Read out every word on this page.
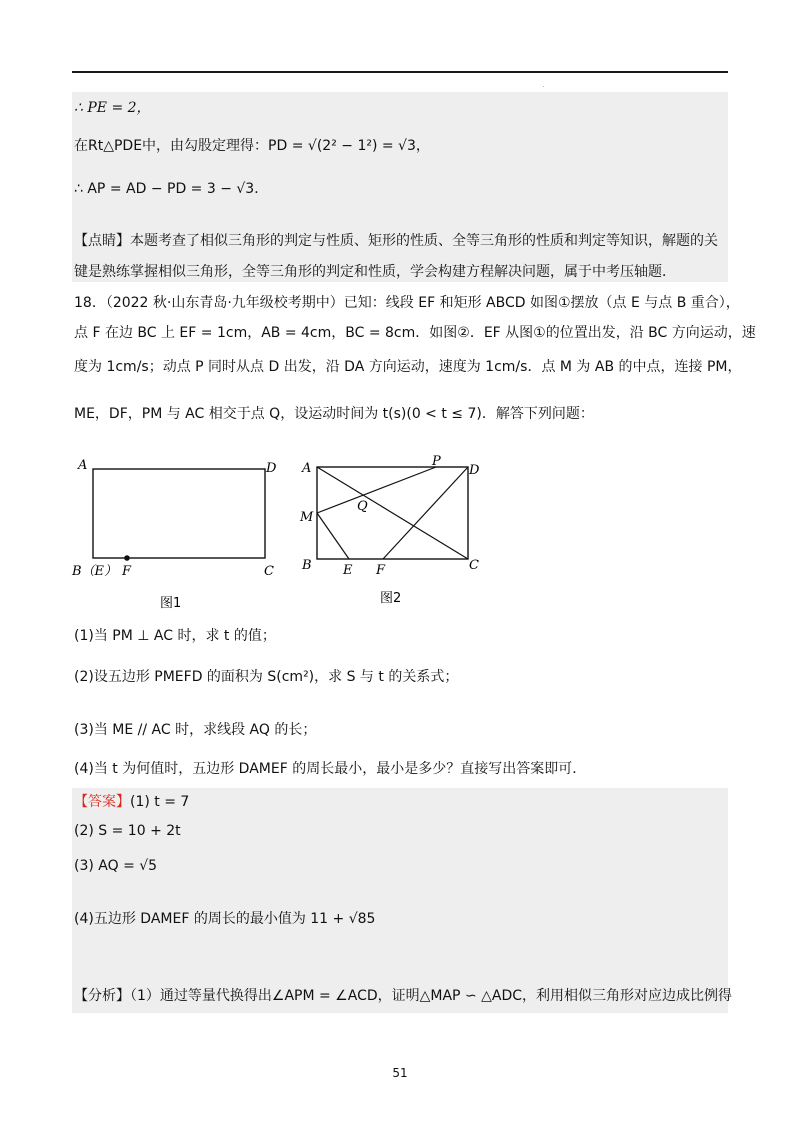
.
∴ PE = 2，
在Rt△PDE中，由勾股定理得：PD = √(2² − 1²) = √3，
∴ AP = AD − PD = 3 − √3．
【点睛】本题考查了相似三角形的判定与性质、矩形的性质、全等三角形的性质和判定等知识，解题的关
键是熟练掌握相似三角形，全等三角形的判定和性质，学会构建方程解决问题，属于中考压轴题．
18．（2022 秋·山东青岛·九年级校考期中）已知：线段 EF 和矩形 ABCD 如图①摆放（点 E 与点 B 重合），
点 F 在边 BC 上 EF = 1cm，AB = 4cm，BC = 8cm．如图②．EF 从图①的位置出发，沿 BC 方向运动，速
度为 1cm/s；动点 P 同时从点 D 出发，沿 DA 方向运动，速度为 1cm/s．点 M 为 AB 的中点，连接 PM，
ME，DF，PM 与 AC 相交于点 Q，设运动时间为 t(s)(0 < t ≤ 7)．解答下列问题：
A	D
B（E） F	C
图1
A	P
D
M
Q
B E F	C
图2
(1)当 PM ⊥ AC 时，求 t 的值；
(2)设五边形 PMEFD 的面积为 S(cm²)，求 S 与 t 的关系式；
(3)当 ME // AC 时，求线段 AQ 的长；
(4)当 t 为何值时，五边形 DAMEF 的周长最小，最小是多少？直接写出答案即可．
【答案】(1) t = 7
(2) S = 10 + 2t
(3) AQ = √5
(4)五边形 DAMEF 的周长的最小值为 11 + √85
【分析】（1）通过等量代换得出∠APM = ∠ACD，证明△MAP ∽ △ADC，利用相似三角形对应边成比例得
51
